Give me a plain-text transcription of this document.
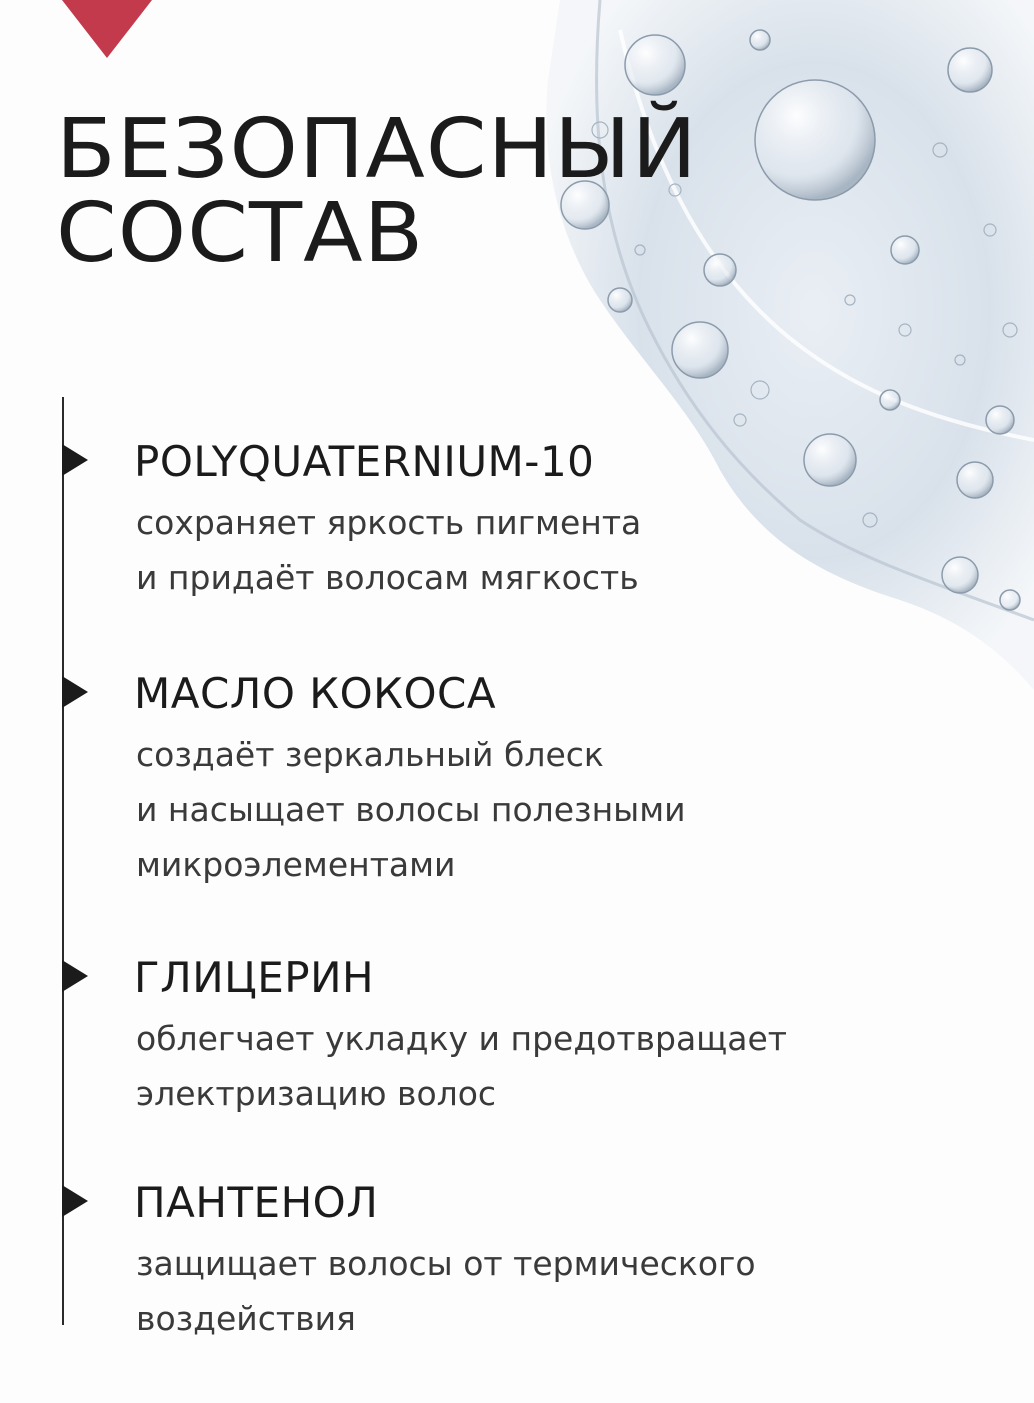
БЕЗОПАСНЫЙ
СОСТАВ
POLYQUATERNIUM-10

сохраняет яркость пигмента
и придаёт волосам мягкость

МАСЛО КОКОСА

создаёт зеркальный блеск
и насыщает волосы полезными
микроэлементами

ГЛИЦЕРИН

облегчает укладку и предотвращает
электризацию волос

ПАНТЕНОЛ

защищает волосы от термического
воздействия
